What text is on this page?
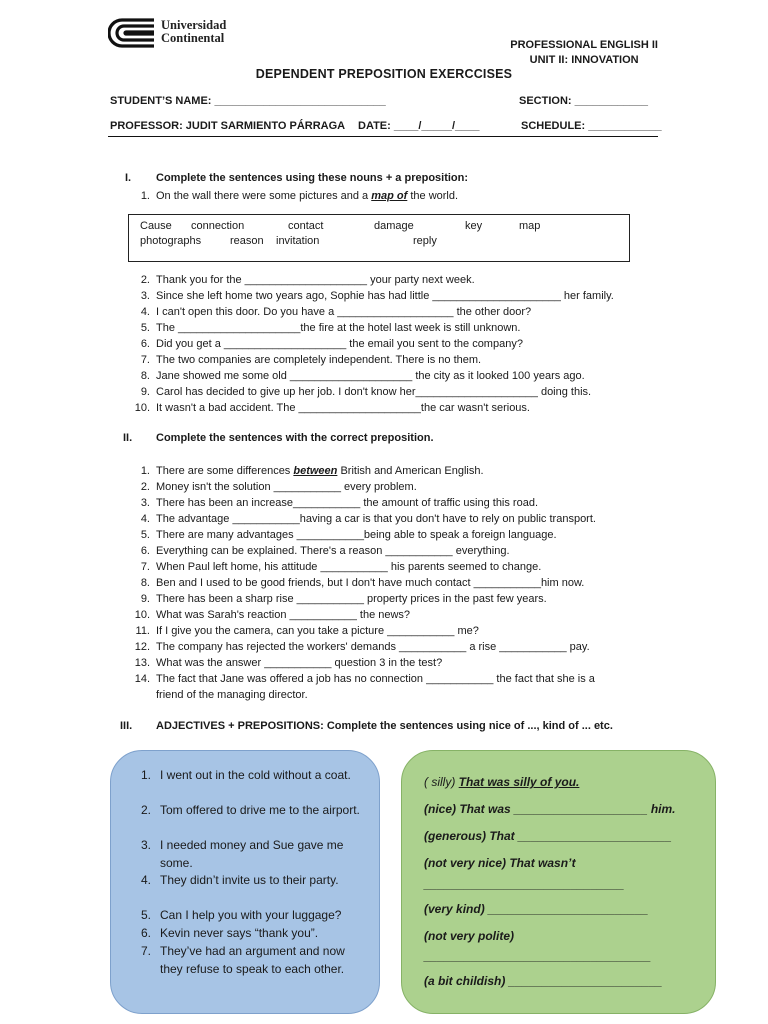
Universidad
Continental	PROFESSIONAL ENGLISH II
UNIT II: INNOVATION
DEPENDENT PREPOSITION EXERCCISES
STUDENT’S NAME: ____________________________	SECTION: ____________
PROFESSOR: JUDIT SARMIENTO PÁRRAGA DATE: ____/_____/____	SCHEDULE: ____________
I. Complete the sentences using these nouns + a preposition:
1. On the wall there were some pictures and a map of the world.
Cause connection	contact	damage	key	map
photographs	reason invitation	reply
2. Thank you for the ____________________ your party next week.
3. Since she left home two years ago, Sophie has had little _____________________ her family.
4. I can't open this door. Do you have a ___________________ the other door?
5. The ____________________the fire at the hotel last week is still unknown.
6. Did you get a ____________________ the email you sent to the company?
7. The two companies are completely independent. There is no them.
8. Jane showed me some old ____________________ the city as it looked 100 years ago.
9. Carol has decided to give up her job. I don't know her____________________ doing this.
10. It wasn't a bad accident. The ____________________the car wasn't serious.
II. Complete the sentences with the correct preposition.
1. There are some differences between British and American English.
2. Money isn't the solution ___________ every problem.
3. There has been an increase___________ the amount of traffic using this road.
4. The advantage ___________having a car is that you don't have to rely on public transport.
5. There are many advantages ___________being able to speak a foreign language.
6. Everything can be explained. There's a reason ___________ everything.
7. When Paul left home, his attitude ___________ his parents seemed to change.
8. Ben and I used to be good friends, but I don't have much contact ___________him now.
9. There has been a sharp rise ___________ property prices in the past few years.
10. What was Sarah's reaction ___________ the news?
11. If I give you the camera, can you take a picture ___________ me?
12. The company has rejected the workers' demands ___________ a rise ___________ pay.
13. What was the answer ___________ question 3 in the test?
14. The fact that Jane was offered a job has no connection ___________ the fact that she is a
friend of the managing director.
III. ADJECTIVES + PREPOSITIONS: Complete the sentences using nice of ..., kind of ... etc.
1. I went out in the cold without a coat.
2. Tom offered to drive me to the airport.
3. I needed money and Sue gave me some.
4. They didn’t invite us to their party.
5. Can I help you with your luggage?
6. Kevin never says “thank you”.
7. They’ve had an argument and now they refuse to speak to each other.
( silly) That was silly of you.
(nice) That was ____________________ him.
(generous) That _______________________
(not very nice) That wasn’t
______________________________
(very kind) ________________________
(not very polite)
__________________________________
(a bit childish) _______________________
